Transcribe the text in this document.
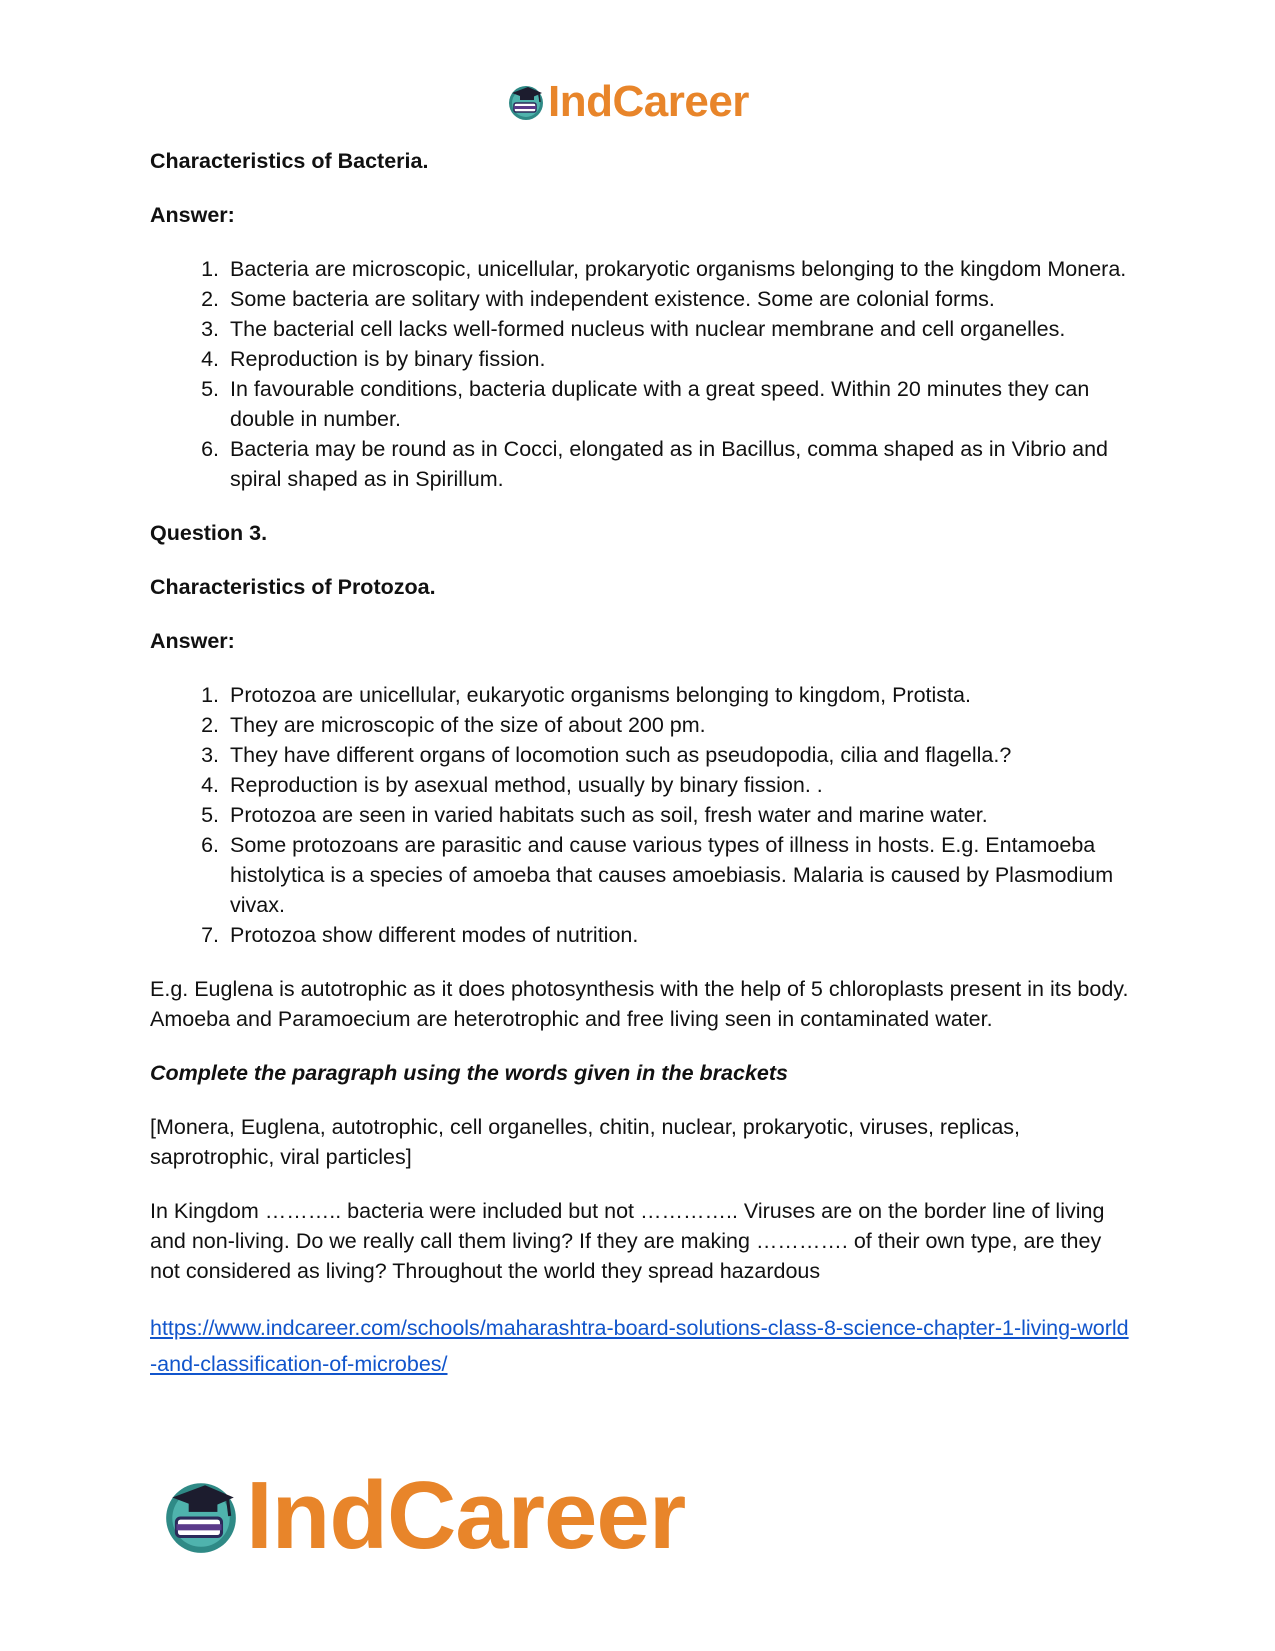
IndCareer
Characteristics of Bacteria.
Answer:
1. Bacteria are microscopic, unicellular, prokaryotic organisms belonging to the kingdom Monera.
2. Some bacteria are solitary with independent existence. Some are colonial forms.
3. The bacterial cell lacks well-formed nucleus with nuclear membrane and cell organelles.
4. Reproduction is by binary fission.
5. In favourable conditions, bacteria duplicate with a great speed. Within 20 minutes they can double in number.
6. Bacteria may be round as in Cocci, elongated as in Bacillus, comma shaped as in Vibrio and spiral shaped as in Spirillum.
Question 3.
Characteristics of Protozoa.
Answer:
1. Protozoa are unicellular, eukaryotic organisms belonging to kingdom, Protista.
2. They are microscopic of the size of about 200 pm.
3. They have different organs of locomotion such as pseudopodia, cilia and flagella.?
4. Reproduction is by asexual method, usually by binary fission. .
5. Protozoa are seen in varied habitats such as soil, fresh water and marine water.
6. Some protozoans are parasitic and cause various types of illness in hosts. E.g. Entamoeba histolytica is a species of amoeba that causes amoebiasis. Malaria is caused by Plasmodium vivax.
7. Protozoa show different modes of nutrition.

E.g. Euglena is autotrophic as it does photosynthesis with the help of 5 chloroplasts present in its body. Amoeba and Paramoecium are heterotrophic and free living seen in contaminated water.

Complete the paragraph using the words given in the brackets

[Monera, Euglena, autotrophic, cell organelles, chitin, nuclear, prokaryotic, viruses, replicas, saprotrophic, viral particles]

In Kingdom ……….. bacteria were included but not ………….. Viruses are on the border line of living and non-living. Do we really call them living? If they are making …………. of their own type, are they not considered as living? Throughout the world they spread hazardous

https://www.indcareer.com/schools/maharashtra-board-solutions-class-8-science-chapter-1-living-world-and-classification-of-microbes/
IndCareer
